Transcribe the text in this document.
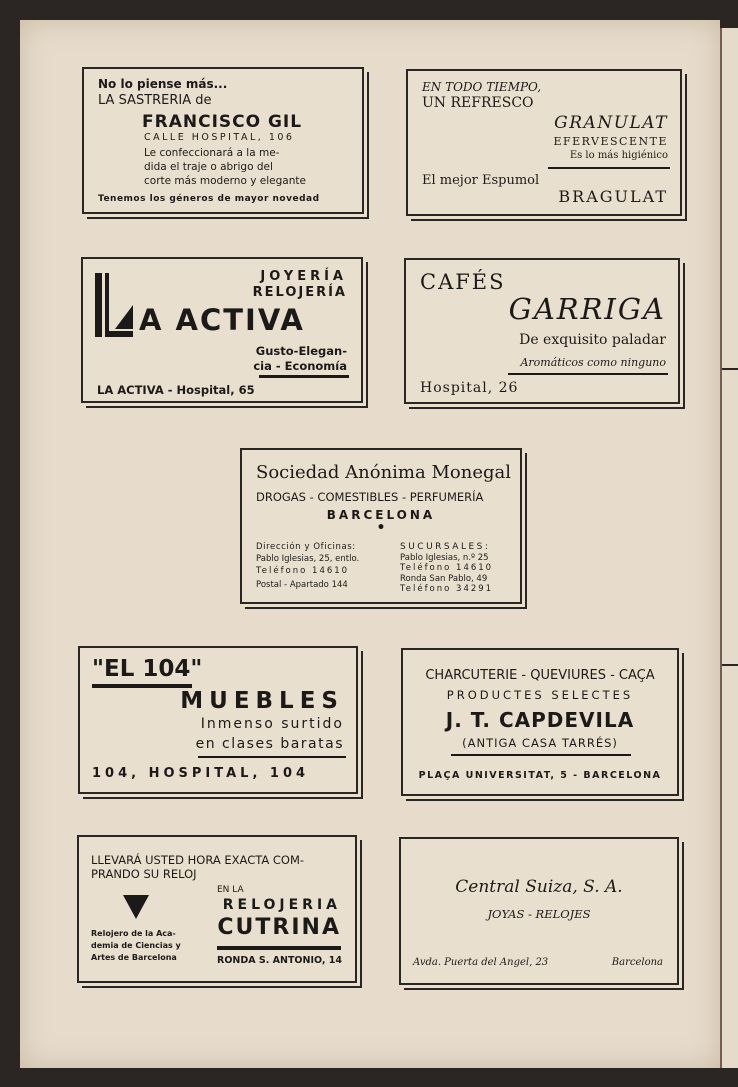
No lo piense más...
LA SASTRERIA de
FRANCISCO GIL
CALLE HOSPITAL, 106
Le confeccionará a la me-
dida el traje o abrigo del
corte más moderno y elegante
Tenemos los géneros de mayor novedad
EN TODO TIEMPO,
UN REFRESCO
GRANULAT
EFERVESCENTE
Es lo más higiénico
El mejor Espumol
BRAGULAT
A ACTIVA
JOYERÍA
RELOJERÍA
Gusto-Elegan-
cia - Economía
LA ACTIVA - Hospital, 65
CAFÉS
GARRIGA
De exquisito paladar
Aromáticos como ninguno
Hospital, 26
Sociedad Anónima Monegal
DROGAS - COMESTIBLES - PERFUMERÍA
BARCELONA
•
Dirección y Oficinas:
Pablo Iglesias, 25, entlo.
Teléfono 14610
Postal - Apartado 144
SUCURSALES:
Pablo Iglesias, n.º 25
Teléfono 14610
Ronda San Pablo, 49
Teléfono 34291
"EL 104"
MUEBLES
Inmenso surtido
en clases baratas
104, HOSPITAL, 104
CHARCUTERIE - QUEVIURES - CAÇA
PRODUCTES SELECTES
J. T. CAPDEVILA
(ANTIGA CASA TARRÉS)
PLAÇA UNIVERSITAT, 5 - BARCELONA
LLEVARÁ USTED HORA EXACTA COM-
PRANDO SU RELOJ
EN LA
RELOJERIA
CUTRINA
Relojero de la Aca-
demia de Ciencias y
Artes de Barcelona	RONDA S. ANTONIO, 14
Central Suiza, S. A.
JOYAS - RELOJES
Avda. Puerta del Angel, 23	Barcelona
